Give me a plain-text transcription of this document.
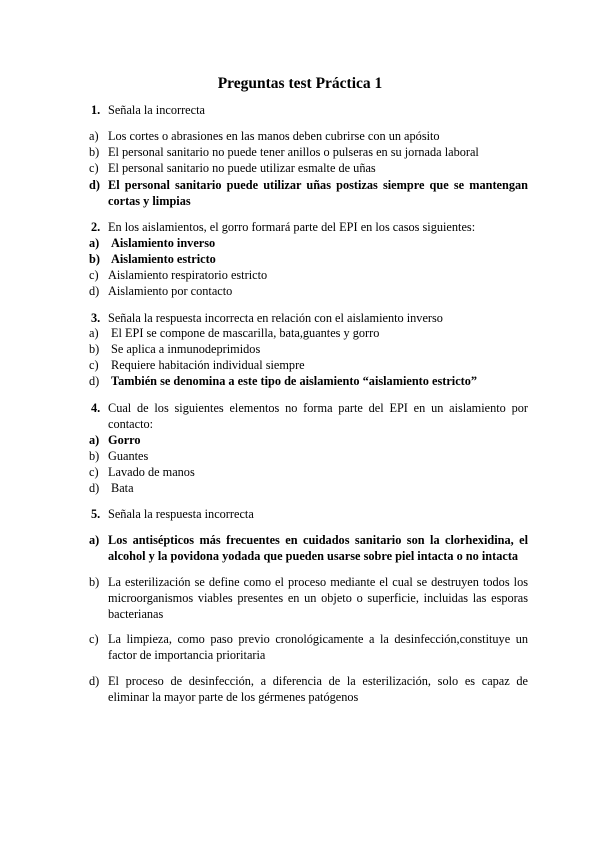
Preguntas test Práctica 1
1. Señala la incorrecta
a) Los cortes o abrasiones en las manos deben cubrirse con un apósito
b) El personal sanitario no puede tener anillos o pulseras en su jornada laboral
c) El personal sanitario no puede utilizar esmalte de uñas
d) El personal sanitario puede utilizar uñas postizas siempre que se mantengan cortas y limpias
2. En los aislamientos, el gorro formará parte del EPI en los casos siguientes:
a) Aislamiento inverso
b) Aislamiento estricto
c) Aislamiento respiratorio estricto
d) Aislamiento por contacto
3. Señala la respuesta incorrecta en relación con el aislamiento inverso
a) El EPI se compone de mascarilla, bata,guantes y gorro
b) Se aplica a inmunodeprimidos
c) Requiere habitación individual siempre
d) También se denomina a este tipo de aislamiento “aislamiento estricto”
4. Cual de los siguientes elementos no forma parte del EPI en un aislamiento por contacto:
a) Gorro
b) Guantes
c) Lavado de manos
d) Bata
5. Señala la respuesta incorrecta
a) Los antisépticos más frecuentes en cuidados sanitario son la clorhexidina, el alcohol y la povidona yodada que pueden usarse sobre piel intacta o no intacta
b) La esterilización se define como el proceso mediante el cual se destruyen todos los microorganismos viables presentes en un objeto o superficie, incluidas las esporas bacterianas
c) La limpieza, como paso previo cronológicamente a la desinfección,constituye un factor de importancia prioritaria
d) El proceso de desinfección, a diferencia de la esterilización, solo es capaz de eliminar la mayor parte de los gérmenes patógenos
